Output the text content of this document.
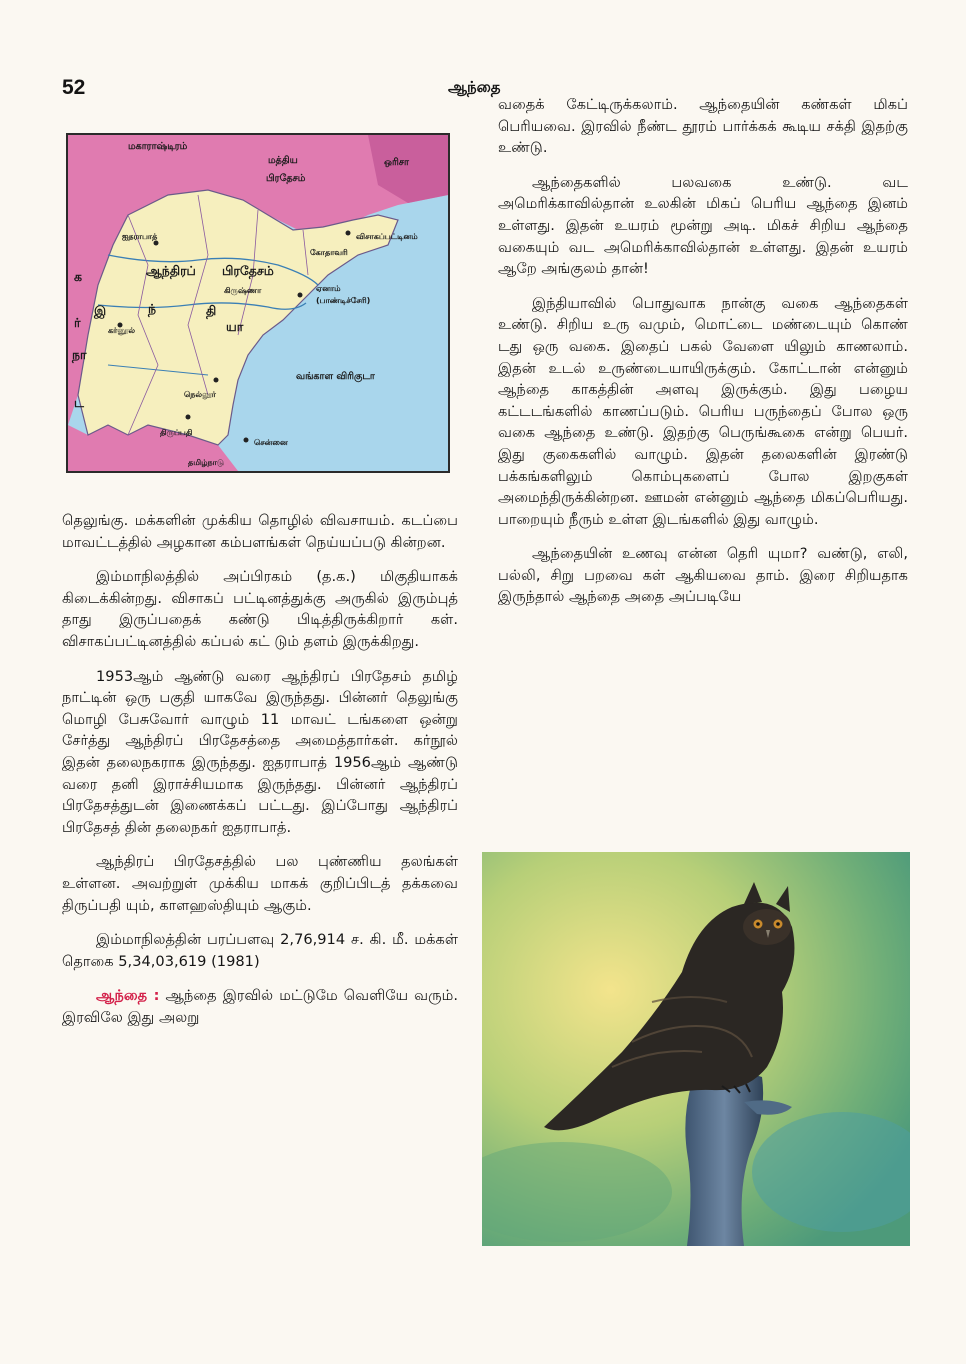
52	ஆந்தை
மகாராஷ்டிரம்
மத்திய
பிரதேசம்
ஒரிசா
ஐதராபாத்	விசாகப்பட்டினம்
கோதாவரி
ஆந்திரப் பிரதேசம்
கிருஷ்ணா	ஏனாம்
(பாண்டிச்சேரி)
கர்னூல்
க
ர்
நா
ட
இ	ந்	தி
யா
வங்காள விரிகுடா
நெல்லூர்
திருப்பதி
சென்னை
தமிழ்நாடு

தெலுங்கு. மக்களின் முக்கிய தொழில் விவசாயம். கடப்பை மாவட்டத்தில் அழகான கம்பளங்கள் நெய்யப்படு கின்றன.

இம்மாநிலத்தில் அப்பிரகம் (த.க.) மிகுதியாகக் கிடைக்கின்றது. விசாகப் பட்டினத்துக்கு அருகில் இரும்புத் தாது இருப்பதைக் கண்டு பிடித்திருக்கிறார் கள். விசாகப்பட்டினத்தில் கப்பல் கட் டும் தளம் இருக்கிறது.

1953ஆம் ஆண்டு வரை ஆந்திரப் பிரதேசம் தமிழ் நாட்டின் ஒரு பகுதி யாகவே இருந்தது. பின்னர் தெலுங்கு மொழி பேசுவோர் வாழும் 11 மாவட் டங்களை ஒன்று சேர்த்து ஆந்திரப் பிரதேசத்தை அமைத்தார்கள். கர்நூல் இதன் தலைநகராக இருந்தது. ஐதராபாத் 1956ஆம் ஆண்டு வரை தனி இராச்சியமாக இருந்தது. பின்னர் ஆந்திரப் பிரதேசத்துடன் இணைக்கப் பட்டது. இப்போது ஆந்திரப் பிரதேசத் தின் தலைநகர் ஐதராபாத்.

ஆந்திரப் பிரதேசத்தில் பல புண்ணிய தலங்கள் உள்ளன. அவற்றுள் முக்கிய மாகக் குறிப்பிடத் தக்கவை திருப்பதி யும், காளஹஸ்தியும் ஆகும்.

இம்மாநிலத்தின் பரப்பளவு 2,76,914 ச. கி. மீ. மக்கள் தொகை 5,34,03,619 (1981)

ஆந்தை : ஆந்தை இரவில் மட்டுமே வெளியே வரும். இரவிலே இது அலறு

வதைக் கேட்டிருக்கலாம். ஆந்தையின் கண்கள் மிகப் பெரியவை. இரவில் நீண்ட தூரம் பார்க்கக் கூடிய சக்தி இதற்கு உண்டு.

ஆந்தைகளில் பலவகை உண்டு. வட அமெரிக்காவில்தான் உலகின் மிகப் பெரிய ஆந்தை இனம் உள்ளது. இதன் உயரம் மூன்று அடி. மிகச் சிறிய ஆந்தை வகையும் வட அமெரிக்காவில்தான் உள்ளது. இதன் உயரம் ஆறே அங்குலம் தான்!

இந்தியாவில் பொதுவாக நான்கு வகை ஆந்தைகள் உண்டு. சிறிய உரு வமும், மொட்டை மண்டையும் கொண் டது ஒரு வகை. இதைப் பகல் வேளை யிலும் காணலாம். இதன் உடல் உருண்டையாயிருக்கும். கோட்டான் என்னும் ஆந்தை காகத்தின் அளவு இருக்கும். இது பழைய கட்டடங்களில் காணப்படும். பெரிய பருந்தைப் போல ஒரு வகை ஆந்தை உண்டு. இதற்கு பெருங்கூகை என்று பெயர். இது குகைகளில் வாழும். இதன் தலைகளின் இரண்டு பக்கங்களிலும் கொம்புகளைப் போல இறகுகள் அமைந்திருக்கின்றன. ஊமன் என்னும் ஆந்தை மிகப்பெரியது. பாறையும் நீரும் உள்ள இடங்களில் இது வாழும்.

ஆந்தையின் உணவு என்ன தெரி யுமா? வண்டு, எலி, பல்லி, சிறு பறவை கள் ஆகியவை தாம். இரை சிறியதாக இருந்தால் ஆந்தை அதை அப்படியே
